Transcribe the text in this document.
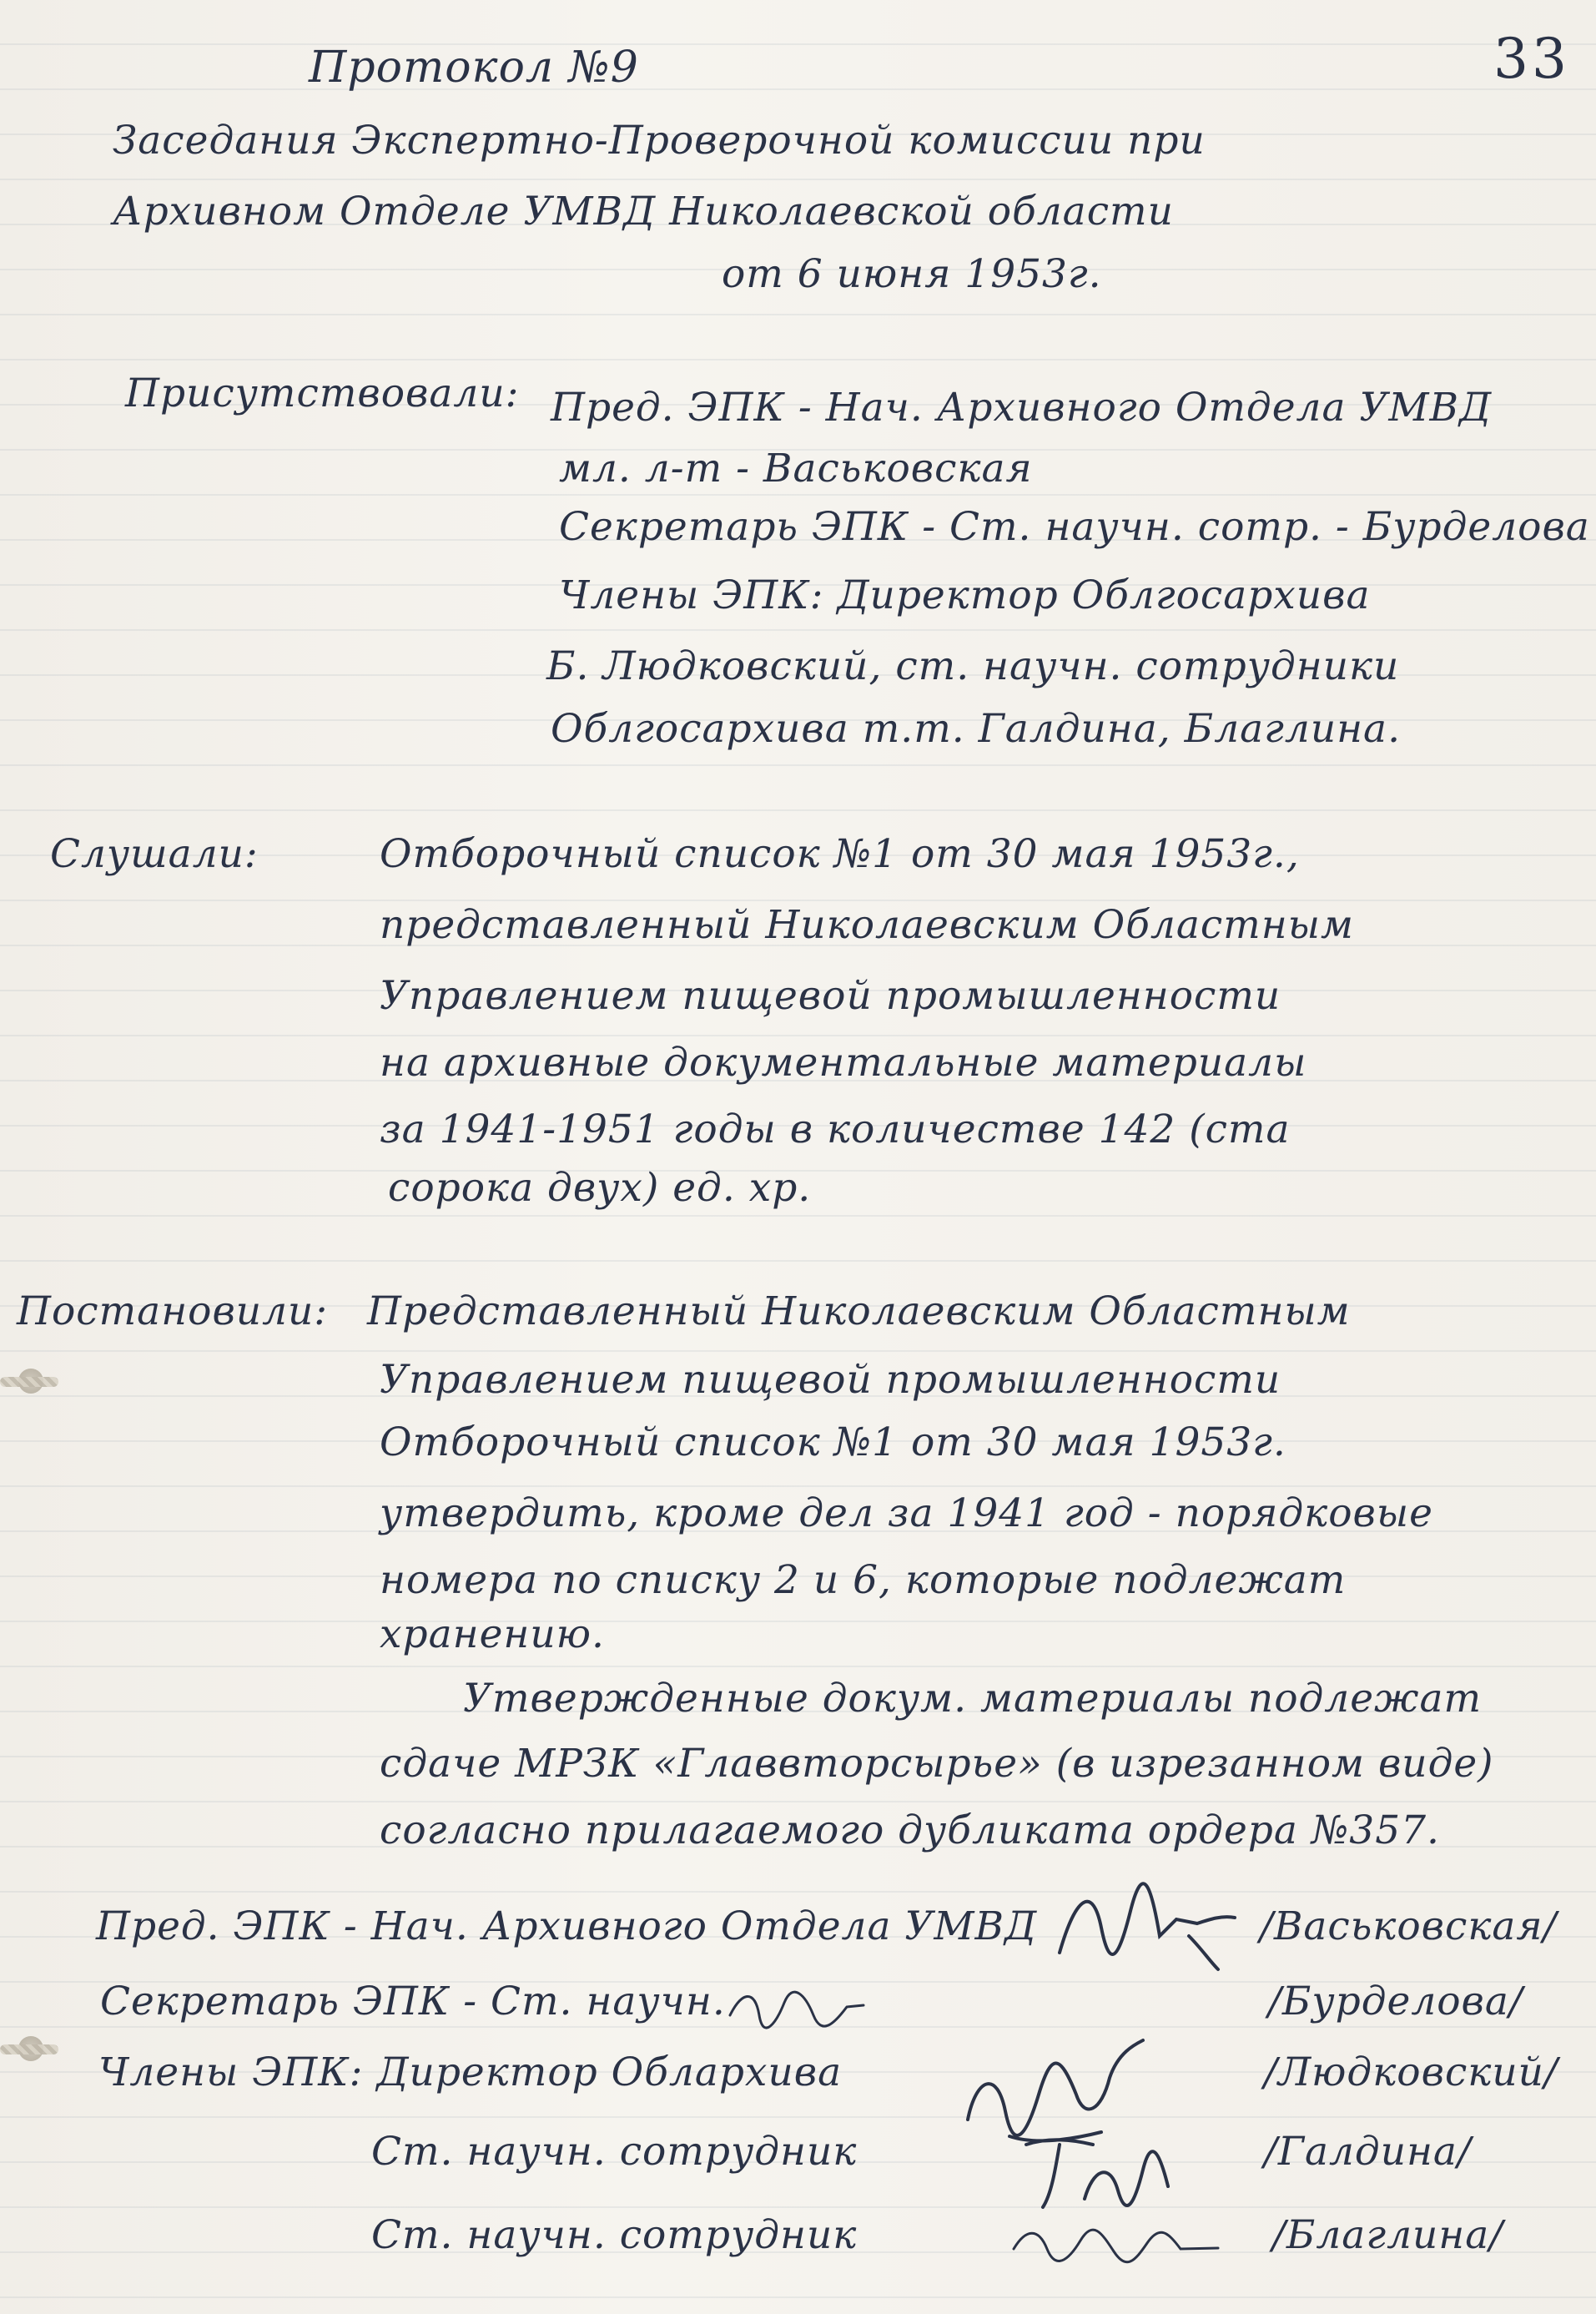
33
Протокол №9
Заседания Экспертно-Проверочной комиссии при
Архивном Отделе УМВД Николаевской области
от 6 июня 1953г.
Присутствовали: Пред. ЭПК - Нач. Архивного Отдела УМВД
мл. л-т - Васьковская
Секретарь ЭПК - Ст. научн. сотр. - Бурделова
Члены ЭПК: Директор Облгосархива
Б. Людковский, ст. научн. сотрудники
Облгосархива т.т. Галдина, Благлина.
Слушали:	Отборочный список №1 от 30 мая 1953г.,
представленный Николаевским Областным
Управлением пищевой промышленности
на архивные документальные материалы
за 1941-1951 годы в количестве 142 (ста
сорока двух) ед. хр.
Постановили: Представленный Николаевским Областным
Управлением пищевой промышленности
Отборочный список №1 от 30 мая 1953г.
утвердить, кроме дел за 1941 год - порядковые
номера по списку 2 и 6, которые подлежат
хранению.
Утвержденные докум. материалы подлежат
сдаче МРЗК «Главвторсырье» (в изрезанном виде)
согласно прилагаемого дубликата ордера №357.
Пред. ЭПК - Нач. Архивного Отдела УМВД	/Васьковская/
Секретарь ЭПК - Ст. научн.	/Бурделова/
Члены ЭПК: Директор Облархива	/Людковский/
Ст. научн. сотрудник	/Галдина/
Ст. научн. сотрудник	/Благлина/
